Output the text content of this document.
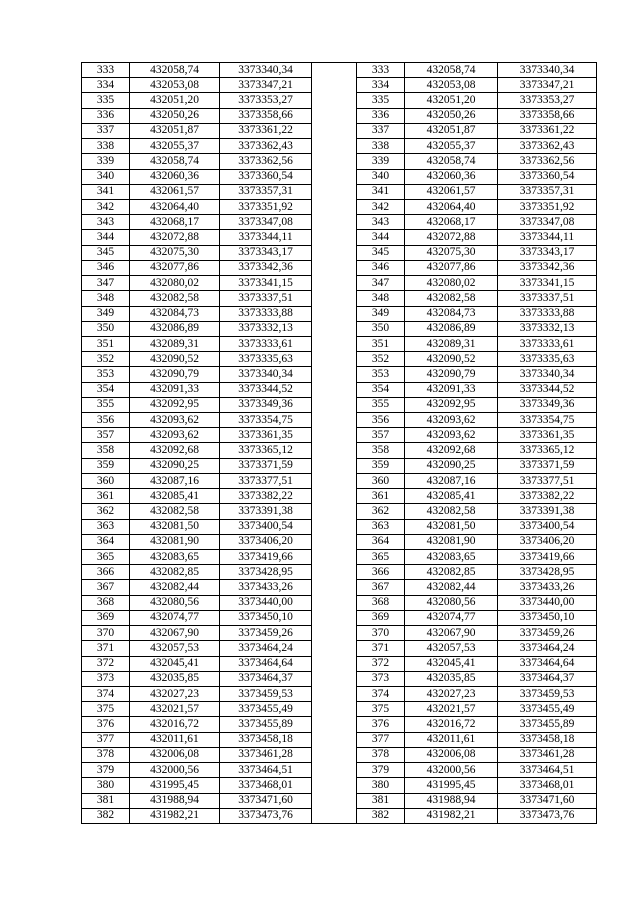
333	432058,74	3373340,34		333	432058,74	3373340,34
334	432053,08	3373347,21		334	432053,08	3373347,21
335	432051,20	3373353,27		335	432051,20	3373353,27
336	432050,26	3373358,66		336	432050,26	3373358,66
337	432051,87	3373361,22		337	432051,87	3373361,22
338	432055,37	3373362,43		338	432055,37	3373362,43
339	432058,74	3373362,56		339	432058,74	3373362,56
340	432060,36	3373360,54		340	432060,36	3373360,54
341	432061,57	3373357,31		341	432061,57	3373357,31
342	432064,40	3373351,92		342	432064,40	3373351,92
343	432068,17	3373347,08		343	432068,17	3373347,08
344	432072,88	3373344,11		344	432072,88	3373344,11
345	432075,30	3373343,17		345	432075,30	3373343,17
346	432077,86	3373342,36		346	432077,86	3373342,36
347	432080,02	3373341,15		347	432080,02	3373341,15
348	432082,58	3373337,51		348	432082,58	3373337,51
349	432084,73	3373333,88		349	432084,73	3373333,88
350	432086,89	3373332,13		350	432086,89	3373332,13
351	432089,31	3373333,61		351	432089,31	3373333,61
352	432090,52	3373335,63		352	432090,52	3373335,63
353	432090,79	3373340,34		353	432090,79	3373340,34
354	432091,33	3373344,52		354	432091,33	3373344,52
355	432092,95	3373349,36		355	432092,95	3373349,36
356	432093,62	3373354,75		356	432093,62	3373354,75
357	432093,62	3373361,35		357	432093,62	3373361,35
358	432092,68	3373365,12		358	432092,68	3373365,12
359	432090,25	3373371,59		359	432090,25	3373371,59
360	432087,16	3373377,51		360	432087,16	3373377,51
361	432085,41	3373382,22		361	432085,41	3373382,22
362	432082,58	3373391,38		362	432082,58	3373391,38
363	432081,50	3373400,54		363	432081,50	3373400,54
364	432081,90	3373406,20		364	432081,90	3373406,20
365	432083,65	3373419,66		365	432083,65	3373419,66
366	432082,85	3373428,95		366	432082,85	3373428,95
367	432082,44	3373433,26		367	432082,44	3373433,26
368	432080,56	3373440,00		368	432080,56	3373440,00
369	432074,77	3373450,10		369	432074,77	3373450,10
370	432067,90	3373459,26		370	432067,90	3373459,26
371	432057,53	3373464,24		371	432057,53	3373464,24
372	432045,41	3373464,64		372	432045,41	3373464,64
373	432035,85	3373464,37		373	432035,85	3373464,37
374	432027,23	3373459,53		374	432027,23	3373459,53
375	432021,57	3373455,49		375	432021,57	3373455,49
376	432016,72	3373455,89		376	432016,72	3373455,89
377	432011,61	3373458,18		377	432011,61	3373458,18
378	432006,08	3373461,28		378	432006,08	3373461,28
379	432000,56	3373464,51		379	432000,56	3373464,51
380	431995,45	3373468,01		380	431995,45	3373468,01
381	431988,94	3373471,60		381	431988,94	3373471,60
382	431982,21	3373473,76		382	431982,21	3373473,76
